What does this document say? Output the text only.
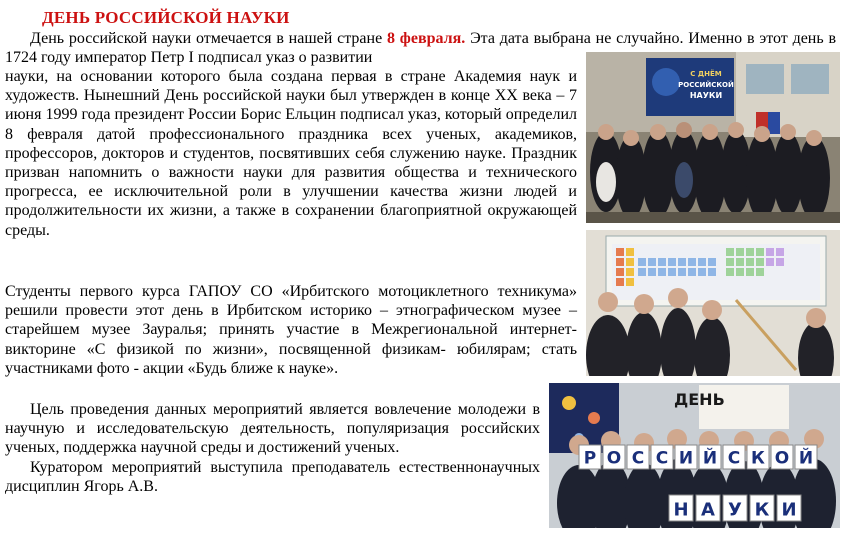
ДЕНЬ РОССИЙСКОЙ НАУКИ

День российской науки отмечается в нашей стране 8 февраля. Эта дата выбрана не случайно. Именно в этот день в 1724 году император Петр I подписал указ о развитии

науки, на основании которого была создана первая в стране Академия наук и художеств. Нынешний День российской науки был утвержден в конце XX века – 7 июня 1999 года президент России Борис Ельцин подписал указ, который определил 8 февраля датой профессионального праздника всех ученых, академиков, профессоров, докторов и студентов, посвятивших себя служению науке. Праздник призван напомнить о важности науки для развития общества и технического прогресса, ее исключительной роли в улучшении качества жизни людей и продолжительности их жизни, а также в сохранении благоприятной окружающей среды.

Студенты первого курса ГАПОУ СО «Ирбитского мотоциклетного техникума» решили провести этот день в Ирбитском историко – этнографическом музее – старейшем музее Зауралья; принять участие в Межрегиональной интернет- викторине «С физикой по жизни», посвященной физикам- юбилярам; стать участниками фото - акции «Будь ближе к науке».

Цель проведения данных мероприятий является вовлечение молодежи в научную и исследовательскую деятельность, популяризация российских ученых, поддержка научной среды и достижений ученых.

Куратором мероприятий выступила преподаватель естественнонаучных дисциплин Ягорь А.В.

С ДНЁМ
РОССИЙСКОЙ
НАУКИ
ДЕНЬ
Р О С С И Й С К О Й
Н А У К И
